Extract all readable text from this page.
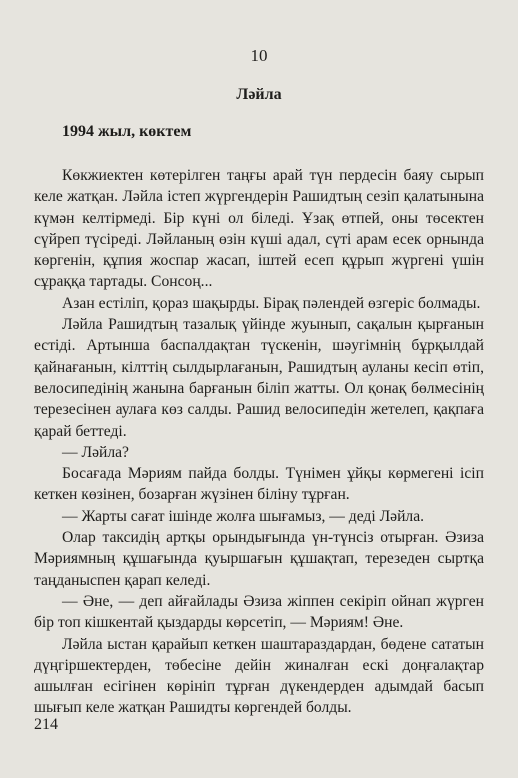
10
Ләйла
1994 жыл, көктем

Көкжиектен көтерілген таңғы арай түн пердесін баяу сырып келе жатқан. Ләйла істеп жүргендерін Рашидтың сезіп қалатынына күмән келтірмеді. Бір күні ол біледі. Ұзақ өтпей, оны төсектен сүйреп түсіреді. Ләйланың өзін күші адал, сүті арам есек орнында көргенін, құпия жоспар жасап, іштей есеп құрып жүргені үшін сұраққа тартады. Сонсоң...

Азан естіліп, қораз шақырды. Бірақ пәлендей өзгеріс болмады.

Ләйла Рашидтың тазалық үйінде жуынып, сақалын қырғанын естіді. Артынша баспалдақтан түскенін, шәугімнің бұрқылдай қайнағанын, кілттің сылдырлағанын, Рашидтың ауланы кесіп өтіп, велосипедінің жанына барғанын біліп жатты. Ол қонақ бөлмесінің терезесінен аулаға көз салды. Рашид велосипедін жетелеп, қақпаға қарай беттеді.

— Ләйла?

Босағада Мәриям пайда болды. Түнімен ұйқы көрмегені ісіп кеткен көзінен, бозарған жүзінен біліну тұрған.

— Жарты сағат ішінде жолға шығамыз, — деді Ләйла.

Олар таксидің артқы орындығында үн-түнсіз отырған. Әзиза Мәриямның құшағында қуыршағын құшақтап, терезеден сыртқа таңданыспен қарап келеді.

— Әне, — деп айғайлады Әзиза жіппен секіріп ойнап жүрген бір топ кішкентай қыздарды көрсетіп, — Мәриям! Әне.

Ләйла ыстан қарайып кеткен шаштараздардан, бөдене сататын дүңгіршектерден, төбесіне дейін жиналған ескі доңғалақтар ашылған есігінен көрініп тұрған дүкендерден адымдай басып шығып келе жатқан Рашидты көргендей болды.

214
